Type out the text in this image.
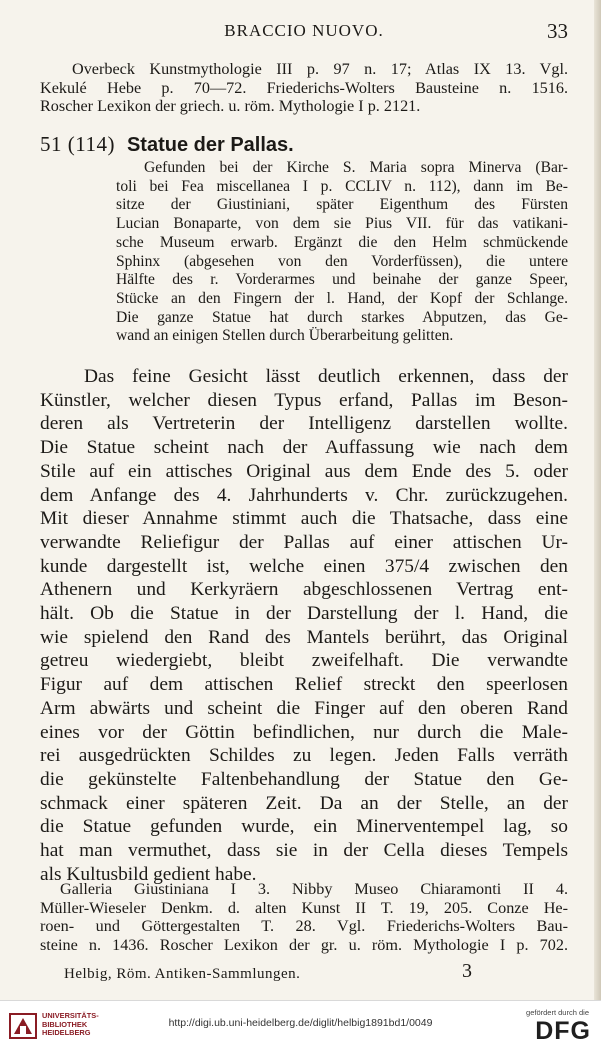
BRACCIO NUOVO.	33
Overbeck Kunstmythologie III p. 97 n. 17; Atlas IX 13. Vgl.
Kekulé Hebe p. 70—72. Friederichs-Wolters Bausteine n. 1516.
Roscher Lexikon der griech. u. röm. Mythologie I p. 2121.
51 (114) Statue der Pallas.
Gefunden bei der Kirche S. Maria sopra Minerva (Bar-
toli bei Fea miscellanea I p. CCLIV n. 112), dann im Be-
sitze der Giustiniani, später Eigenthum des Fürsten
Lucian Bonaparte, von dem sie Pius VII. für das vatikani-
sche Museum erwarb. Ergänzt die den Helm schmückende
Sphinx (abgesehen von den Vorderfüssen), die untere
Hälfte des r. Vorderarmes und beinahe der ganze Speer,
Stücke an den Fingern der l. Hand, der Kopf der Schlange.
Die ganze Statue hat durch starkes Abputzen, das Ge-
wand an einigen Stellen durch Überarbeitung gelitten.
Das feine Gesicht lässt deutlich erkennen, dass der
Künstler, welcher diesen Typus erfand, Pallas im Beson-
deren als Vertreterin der Intelligenz darstellen wollte.
Die Statue scheint nach der Auffassung wie nach dem
Stile auf ein attisches Original aus dem Ende des 5. oder
dem Anfange des 4. Jahrhunderts v. Chr. zurückzugehen.
Mit dieser Annahme stimmt auch die Thatsache, dass eine
verwandte Reliefigur der Pallas auf einer attischen Ur-
kunde dargestellt ist, welche einen 375/4 zwischen den
Athenern und Kerkyräern abgeschlossenen Vertrag ent-
hält. Ob die Statue in der Darstellung der l. Hand, die
wie spielend den Rand des Mantels berührt, das Original
getreu wiedergiebt, bleibt zweifelhaft. Die verwandte
Figur auf dem attischen Relief streckt den speerlosen
Arm abwärts und scheint die Finger auf den oberen Rand
eines vor der Göttin befindlichen, nur durch die Male-
rei ausgedrückten Schildes zu legen. Jeden Falls verräth
die gekünstelte Faltenbehandlung der Statue den Ge-
schmack einer späteren Zeit. Da an der Stelle, an der
die Statue gefunden wurde, ein Minerventempel lag, so
hat man vermuthet, dass sie in der Cella dieses Tempels
als Kultusbild gedient habe.
Galleria Giustiniana I 3. Nibby Museo Chiaramonti II 4.
Müller-Wieseler Denkm. d. alten Kunst II T. 19, 205. Conze He-
roen- und Göttergestalten T. 28. Vgl. Friederichs-Wolters Bau-
steine n. 1436. Roscher Lexikon der gr. u. röm. Mythologie I p. 702.
Helbig, Röm. Antiken-Sammlungen.	3
UNIVERSITÄTS-
BIBLIOTHEK
HEIDELBERG
http://digi.ub.uni-heidelberg.de/diglit/helbig1891bd1/0049
gefördert durch die
DFG
